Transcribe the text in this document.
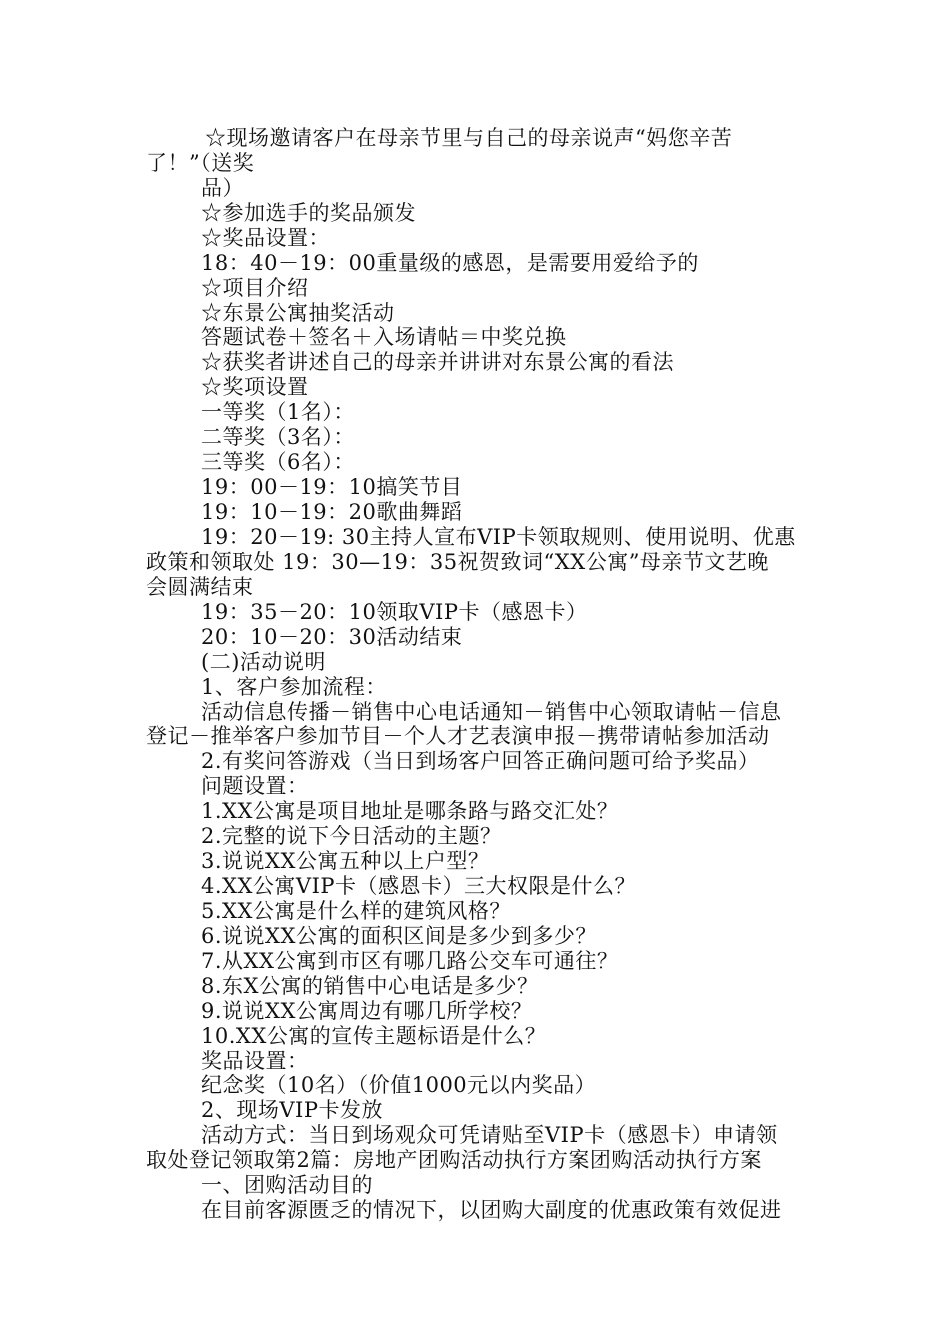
☆现场邀请客户在母亲节里与自己的母亲说声“妈您辛苦
了！”（送奖
品）
☆参加选手的奖品颁发
☆奖品设置：
18：40－19：00重量级的感恩，是需要用爱给予的
☆项目介绍
☆东景公寓抽奖活动
答题试卷＋签名＋入场请帖＝中奖兑换
☆获奖者讲述自己的母亲并讲讲对东景公寓的看法
☆奖项设置
一等奖（1名）：
二等奖（3名）：
三等奖（6名）：
19：00－19：10搞笑节目
19：10－19：20歌曲舞蹈
19：20－19: 30主持人宣布VIP卡领取规则、使用说明、优惠
政策和领取处 19：30—19：35祝贺致词“XX公寓”母亲节文艺晚
会圆满结束
19：35－20：10领取VIP卡（感恩卡）
20：10－20：30活动结束
(二)活动说明
1、客户参加流程：
活动信息传播－销售中心电话通知－销售中心领取请帖－信息
登记－推举客户参加节目－个人才艺表演申报－携带请帖参加活动
2.有奖问答游戏（当日到场客户回答正确问题可给予奖品）
问题设置：
1.XX公寓是项目地址是哪条路与路交汇处？
2.完整的说下今日活动的主题？
3.说说XX公寓五种以上户型？
4.XX公寓VIP卡（感恩卡）三大权限是什么？
5.XX公寓是什么样的建筑风格？
6.说说XX公寓的面积区间是多少到多少？
7.从XX公寓到市区有哪几路公交车可通往？
8.东X公寓的销售中心电话是多少？
9.说说XX公寓周边有哪几所学校？
10.XX公寓的宣传主题标语是什么？
奖品设置：
纪念奖（10名）（价值1000元以内奖品）
2、现场VIP卡发放
活动方式：当日到场观众可凭请贴至VIP卡（感恩卡）申请领
取处登记领取第2篇：房地产团购活动执行方案团购活动执行方案
一、团购活动目的
在目前客源匮乏的情况下，以团购大副度的优惠政策有效促进
